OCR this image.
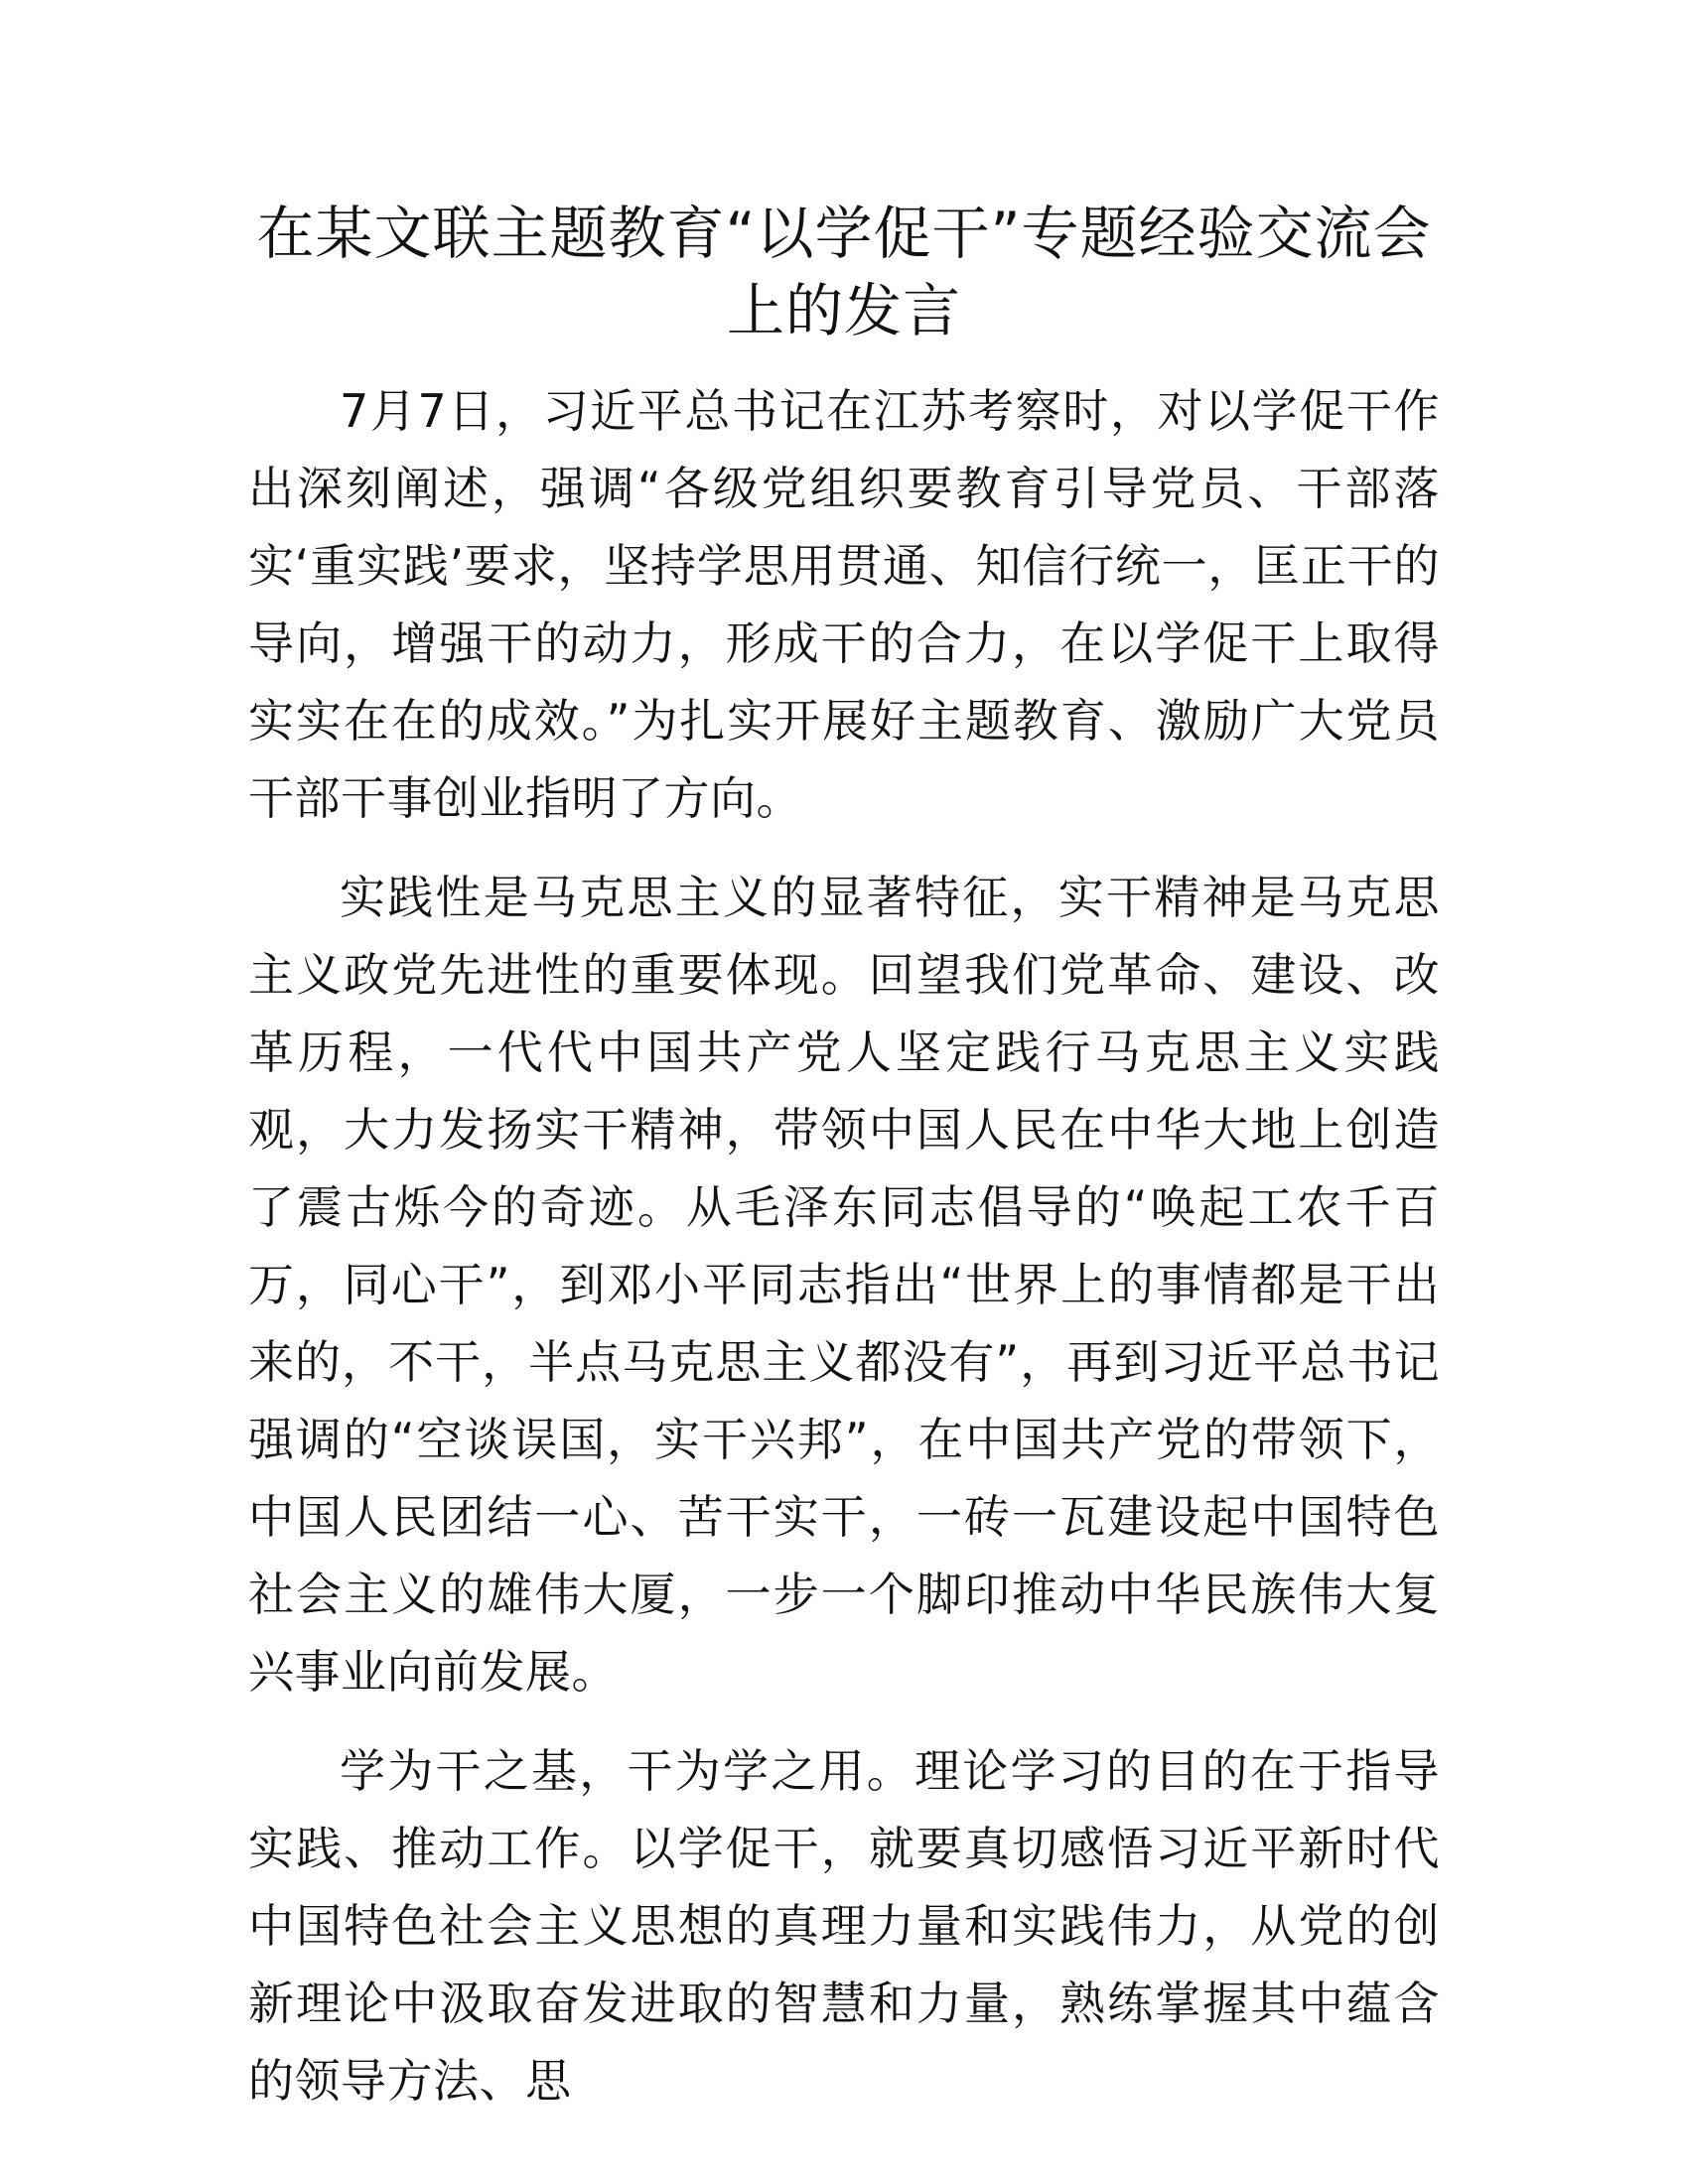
在某文联主题教育“以学促干”专题经验交流会上的发言

7月7日，习近平总书记在江苏考察时，对以学促干作出深刻阐述，强调“各级党组织要教育引导党员、干部落实‘重实践’要求，坚持学思用贯通、知信行统一，匡正干的导向，增强干的动力，形成干的合力，在以学促干上取得实实在在的成效。”为扎实开展好主题教育、激励广大党员干部干事创业指明了方向。

实践性是马克思主义的显著特征，实干精神是马克思主义政党先进性的重要体现。回望我们党革命、建设、改革历程，一代代中国共产党人坚定践行马克思主义实践观，大力发扬实干精神，带领中国人民在中华大地上创造了震古烁今的奇迹。从毛泽东同志倡导的“唤起工农千百万，同心干”，到邓小平同志指出“世界上的事情都是干出来的，不干，半点马克思主义都没有”，再到习近平总书记强调的“空谈误国，实干兴邦”，在中国共产党的带领下，中国人民团结一心、苦干实干，一砖一瓦建设起中国特色社会主义的雄伟大厦，一步一个脚印推动中华民族伟大复兴事业向前发展。

学为干之基，干为学之用。理论学习的目的在于指导实践、推动工作。以学促干，就要真切感悟习近平新时代中国特色社会主义思想的真理力量和实践伟力，从党的创新理论中汲取奋发进取的智慧和力量，熟练掌握其中蕴含的领导方法、思
